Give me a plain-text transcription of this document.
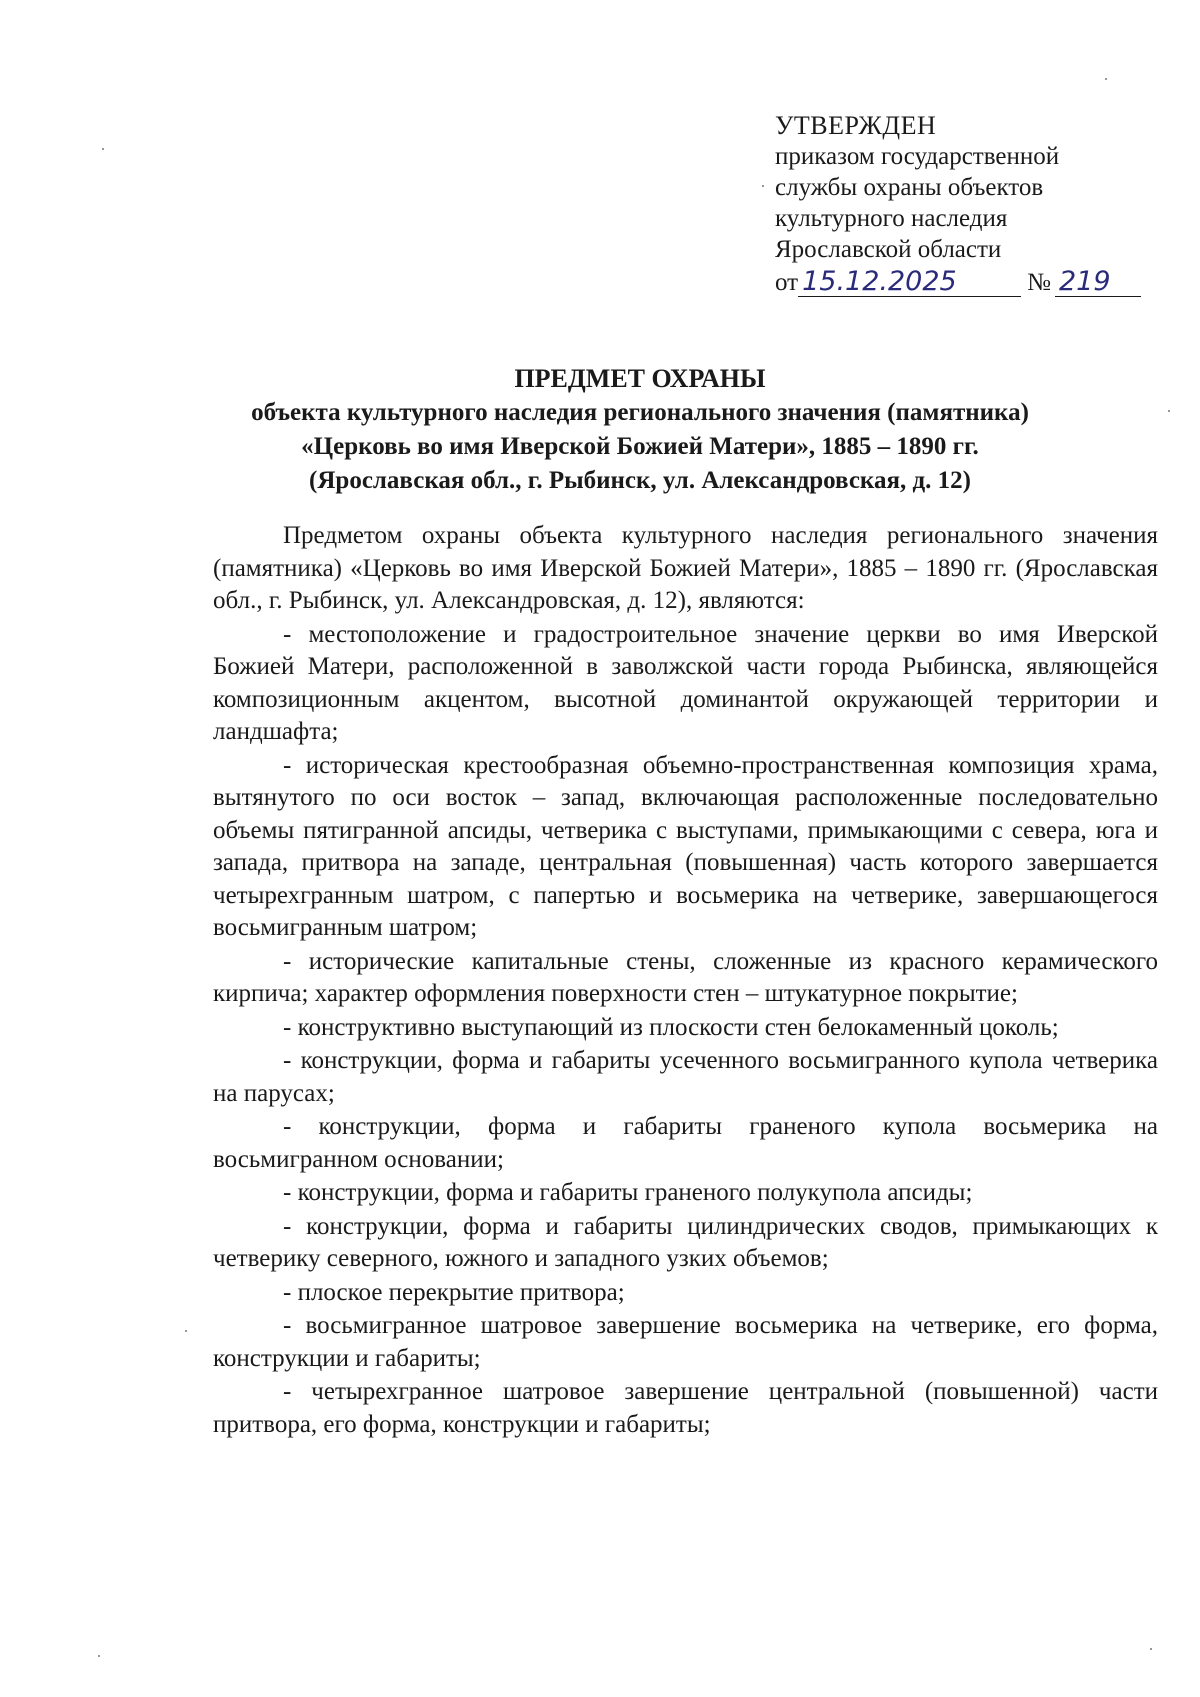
УТВЕРЖДЕН
приказом государственной
службы охраны объектов
культурного наследия
Ярославской области
от 15.12.2025	№ 219
ПРЕДМЕТ ОХРАНЫ
объекта культурного наследия регионального значения (памятника)
«Церковь во имя Иверской Божией Матери», 1885 – 1890 гг.
(Ярославская обл., г. Рыбинск, ул. Александровская, д. 12)

Предметом охраны объекта культурного наследия регионального значения (памятника) «Церковь во имя Иверской Божией Матери», 1885 – 1890 гг. (Ярославская обл., г. Рыбинск, ул. Александровская, д. 12), являются:

- местоположение и градостроительное значение церкви во имя Иверской Божией Матери, расположенной в заволжской части города Рыбинска, являющейся композиционным акцентом, высотной доминантой окружающей территории и ландшафта;

- историческая крестообразная объемно-пространственная композиция храма, вытянутого по оси восток – запад, включающая расположенные последовательно объемы пятигранной апсиды, четверика с выступами, примыкающими с севера, юга и запада, притвора на западе, центральная (повышенная) часть которого завершается четырехгранным шатром, с папертью и восьмерика на четверике, завершающегося восьмигранным шатром;

- исторические капитальные стены, сложенные из красного керамического кирпича; характер оформления поверхности стен – штукатурное покрытие;

- конструктивно выступающий из плоскости стен белокаменный цоколь;

- конструкции, форма и габариты усеченного восьмигранного купола четверика на парусах;

- конструкции, форма и габариты граненого купола восьмерика на восьмигранном основании;

- конструкции, форма и габариты граненого полукупола апсиды;

- конструкции, форма и габариты цилиндрических сводов, примыкающих к четверику северного, южного и западного узких объемов;

- плоское перекрытие притвора;

- восьмигранное шатровое завершение восьмерика на четверике, его форма, конструкции и габариты;

- четырехгранное шатровое завершение центральной (повышенной) части притвора, его форма, конструкции и габариты;
